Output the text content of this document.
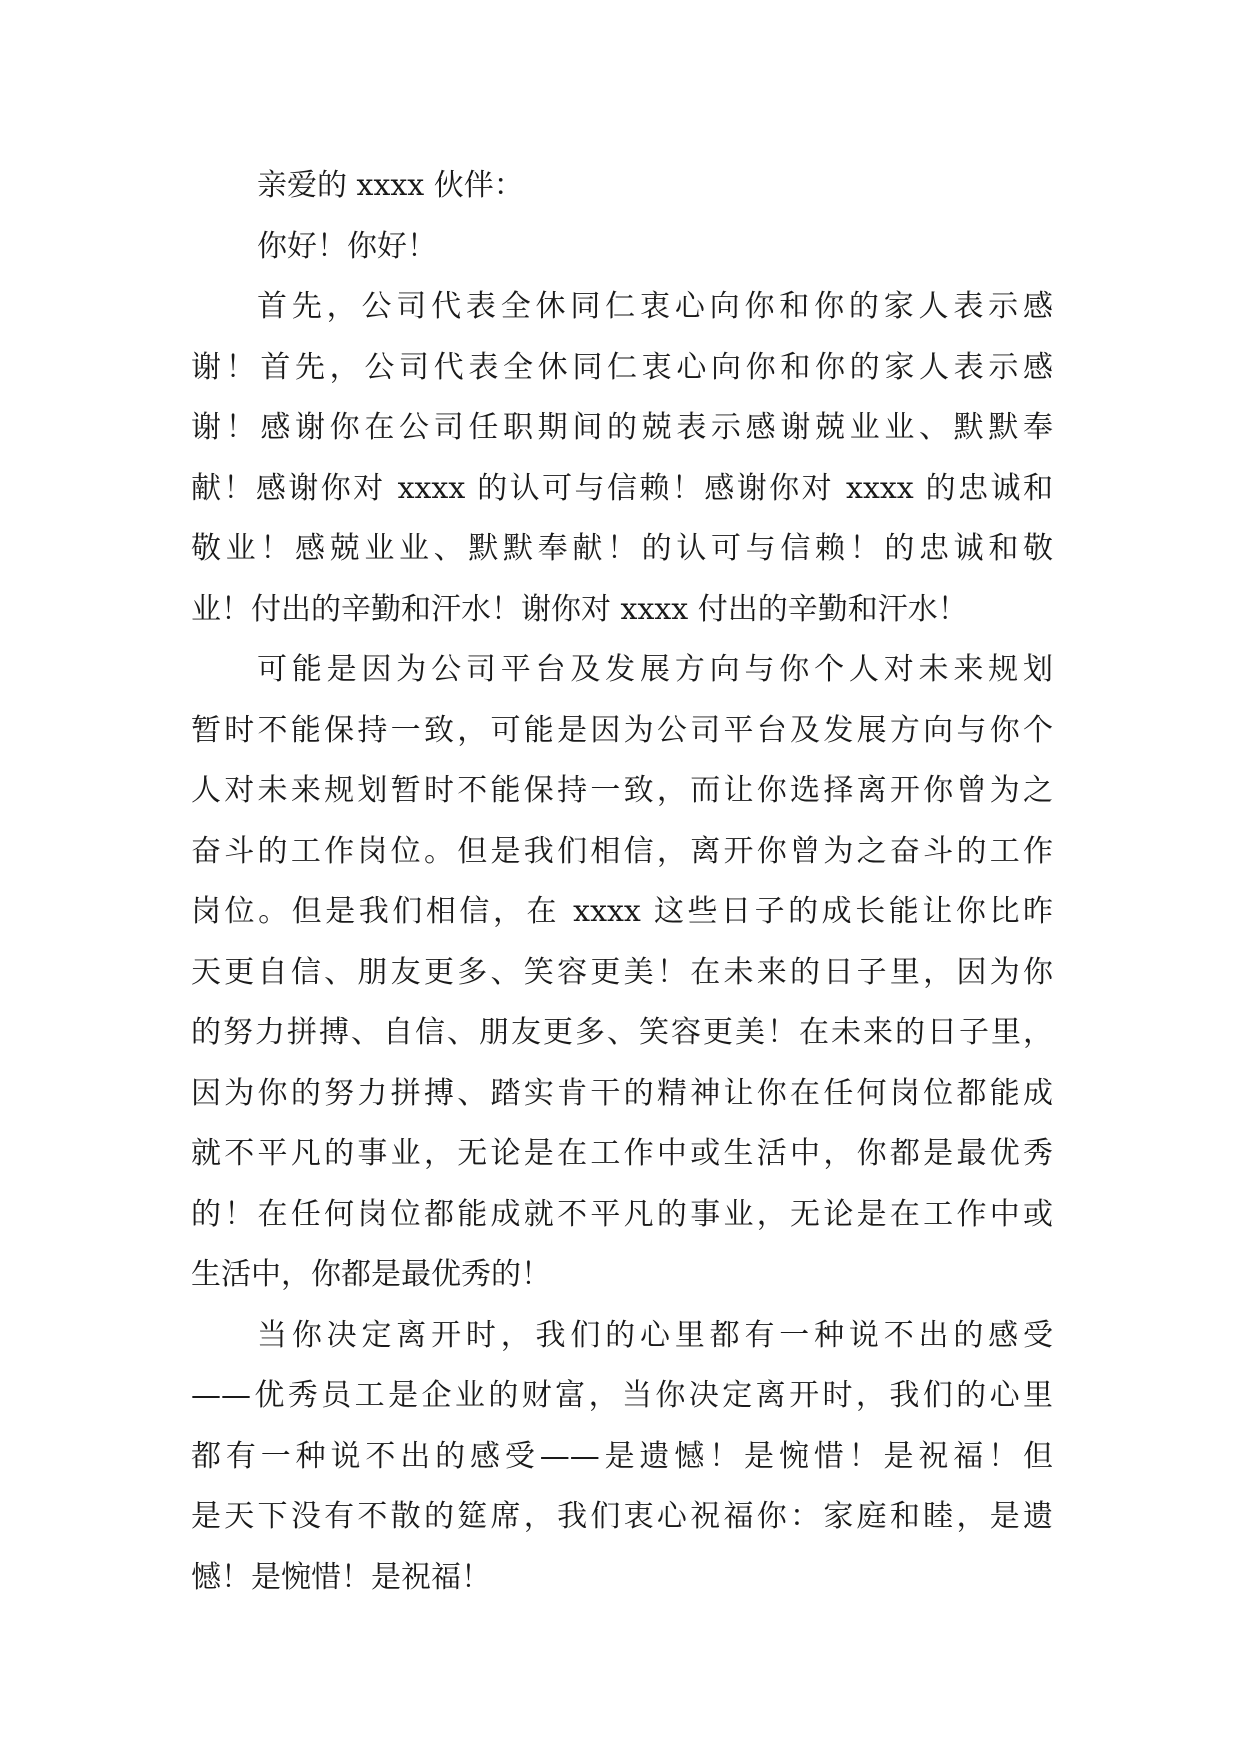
亲爱的 xxxx 伙伴：
你好！你好！
首先，公司代表全休同仁衷心向你和你的家人表示感
谢！首先，公司代表全休同仁衷心向你和你的家人表示感
谢！感谢你在公司任职期间的兢表示感谢兢业业、默默奉
献！感谢你对 xxxx 的认可与信赖！感谢你对 xxxx 的忠诚和
敬业！感兢业业、默默奉献！的认可与信赖！的忠诚和敬
业！付出的辛勤和汗水！谢你对 xxxx 付出的辛勤和汗水！
可能是因为公司平台及发展方向与你个人对未来规划
暂时不能保持一致，可能是因为公司平台及发展方向与你个
人对未来规划暂时不能保持一致，而让你选择离开你曾为之
奋斗的工作岗位。但是我们相信，离开你曾为之奋斗的工作
岗位。但是我们相信，在 xxxx 这些日子的成长能让你比昨
天更自信、朋友更多、笑容更美！在未来的日子里，因为你
的努力拼搏、自信、朋友更多、笑容更美！在未来的日子里，
因为你的努力拼搏、踏实肯干的精神让你在任何岗位都能成
就不平凡的事业，无论是在工作中或生活中，你都是最优秀
的！在任何岗位都能成就不平凡的事业，无论是在工作中或
生活中，你都是最优秀的！
当你决定离开时，我们的心里都有一种说不出的感受
——优秀员工是企业的财富，当你决定离开时，我们的心里
都有一种说不出的感受——是遗憾！是惋惜！是祝福！但
是天下没有不散的筵席，我们衷心祝福你：家庭和睦，是遗
憾！是惋惜！是祝福！
